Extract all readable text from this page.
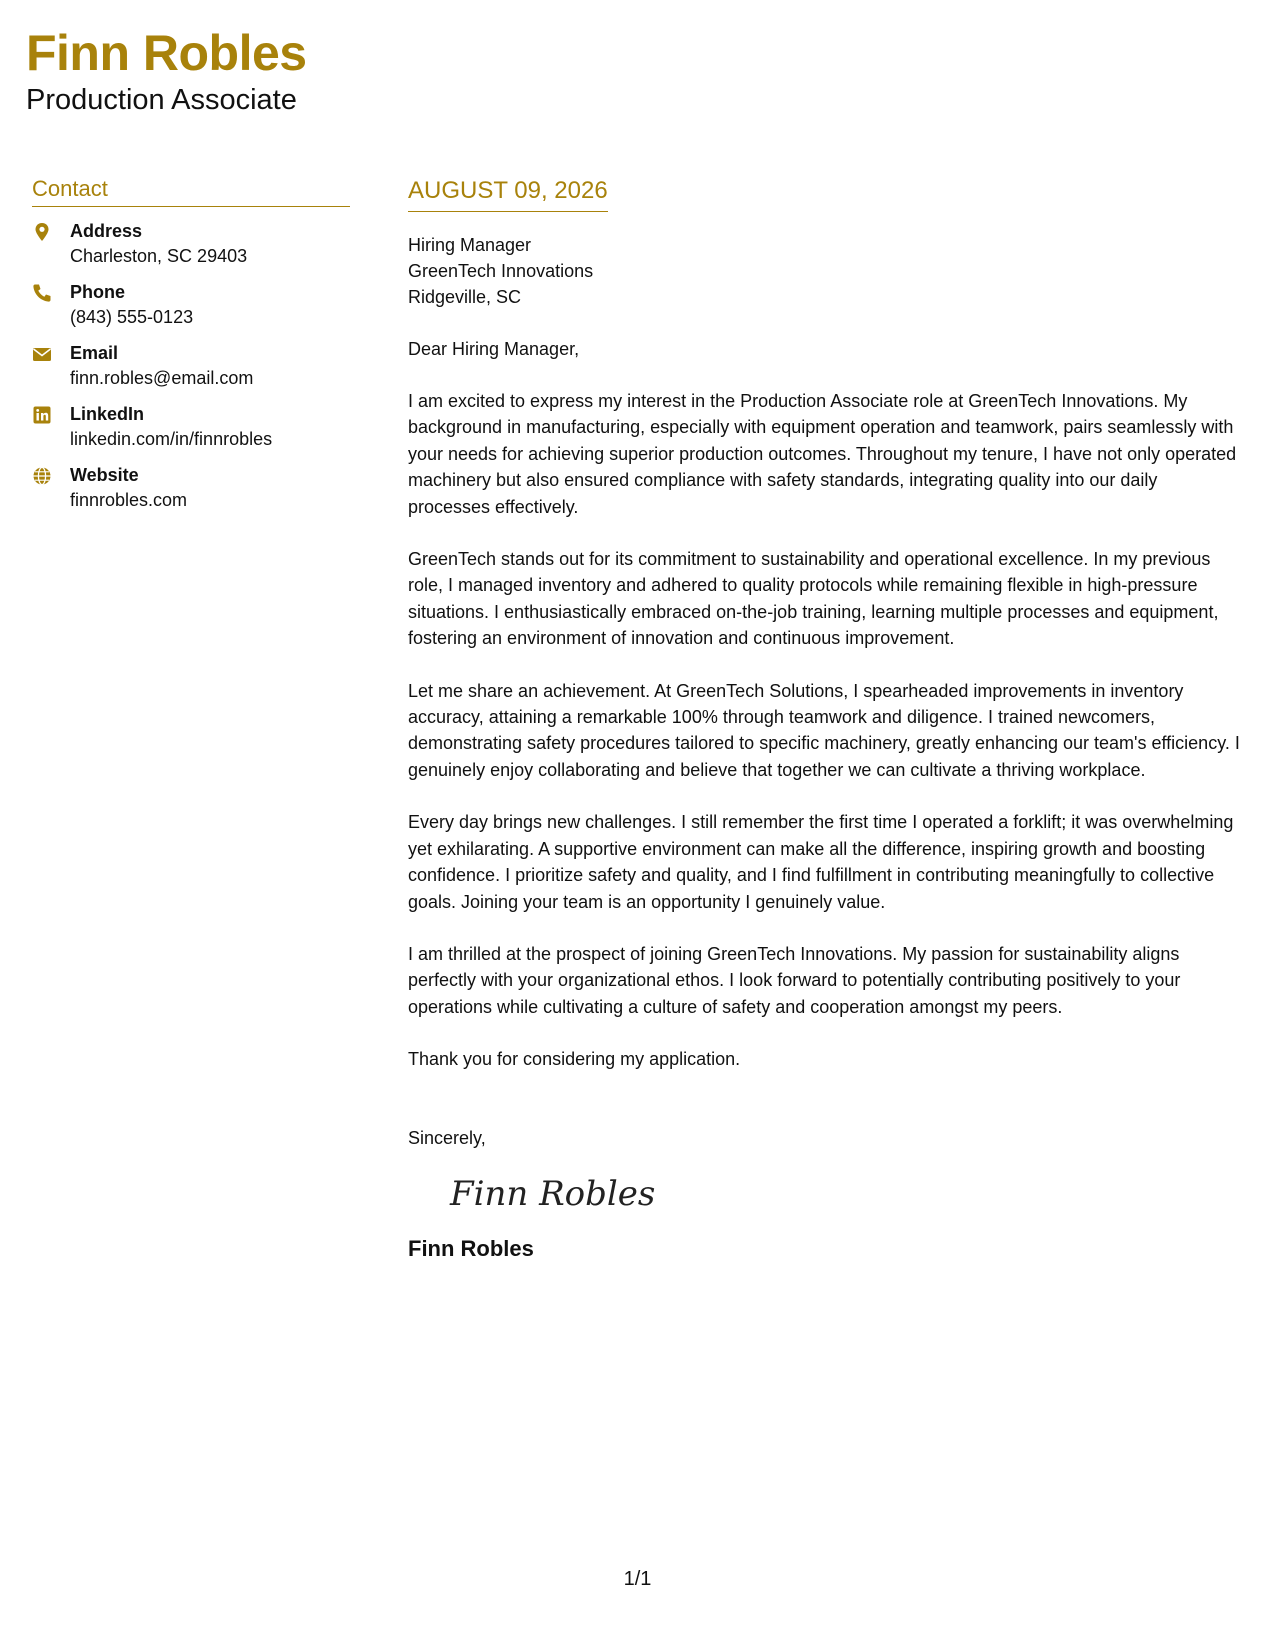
Finn Robles
Production Associate
Contact
Address
Charleston, SC 29403
Phone
(843) 555-0123
Email
finn.robles@email.com
LinkedIn
linkedin.com/in/finnrobles
Website
finnrobles.com
AUGUST 09, 2026
Hiring Manager
GreenTech Innovations
Ridgeville, SC
Dear Hiring Manager,
I am excited to express my interest in the Production Associate role at GreenTech Innovations. My background in manufacturing, especially with equipment operation and teamwork, pairs seamlessly with your needs for achieving superior production outcomes. Throughout my tenure, I have not only operated machinery but also ensured compliance with safety standards, integrating quality into our daily processes effectively.
GreenTech stands out for its commitment to sustainability and operational excellence. In my previous role, I managed inventory and adhered to quality protocols while remaining flexible in high-pressure situations. I enthusiastically embraced on-the-job training, learning multiple processes and equipment, fostering an environment of innovation and continuous improvement.
Let me share an achievement. At GreenTech Solutions, I spearheaded improvements in inventory accuracy, attaining a remarkable 100% through teamwork and diligence. I trained newcomers, demonstrating safety procedures tailored to specific machinery, greatly enhancing our team's efficiency. I genuinely enjoy collaborating and believe that together we can cultivate a thriving workplace.
Every day brings new challenges. I still remember the first time I operated a forklift; it was overwhelming yet exhilarating. A supportive environment can make all the difference, inspiring growth and boosting confidence. I prioritize safety and quality, and I find fulfillment in contributing meaningfully to collective goals. Joining your team is an opportunity I genuinely value.
I am thrilled at the prospect of joining GreenTech Innovations. My passion for sustainability aligns perfectly with your organizational ethos. I look forward to potentially contributing positively to your operations while cultivating a culture of safety and cooperation amongst my peers.
Thank you for considering my application.
Sincerely,
Finn Robles
Finn Robles
1/1
